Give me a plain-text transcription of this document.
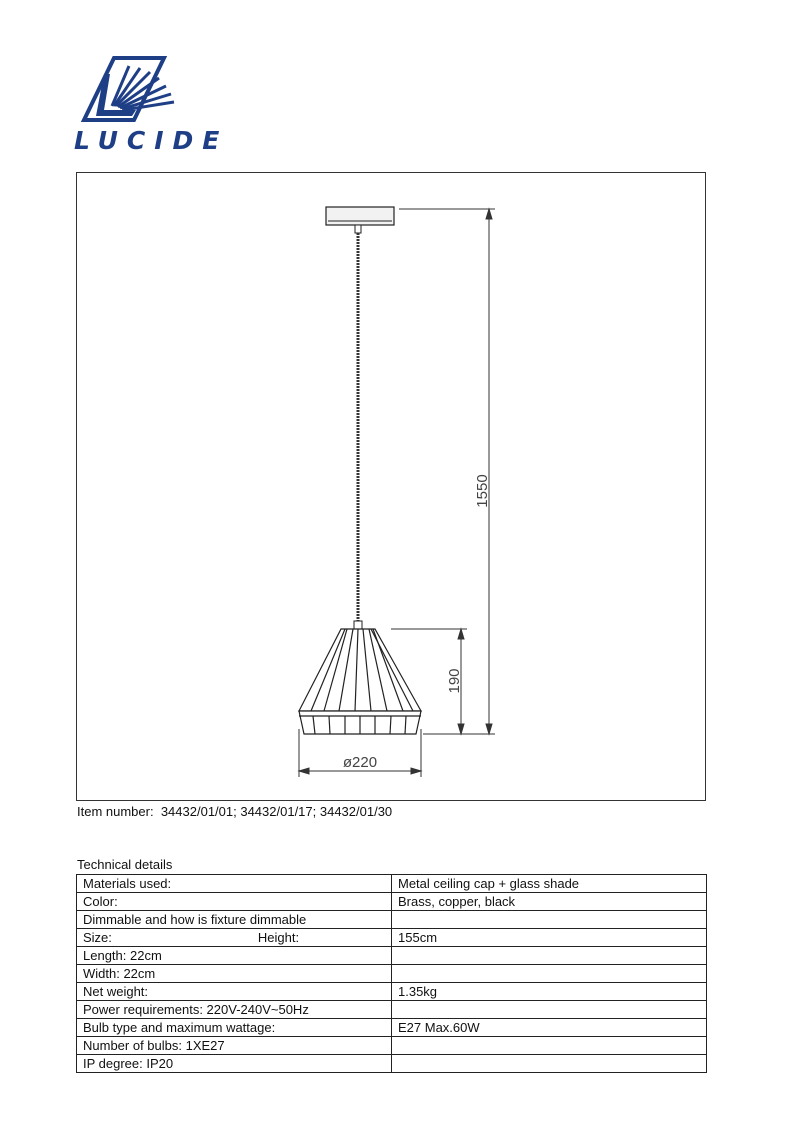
LUCIDE
1550
190
ø220
Item number: 34432/01/01; 34432/01/17; 34432/01/30
Technical details
Materials used:	Metal ceiling cap + glass shade
Color:	Brass, copper, black
Dimmable and how is fixture dimmable	
Size: Height:	155cm
Length: 22cm	
Width: 22cm	
Net weight:	1.35kg
Power requirements: 220V-240V~50Hz	
Bulb type and maximum wattage:	E27 Max.60W
Number of bulbs: 1XE27	
IP degree: IP20	
